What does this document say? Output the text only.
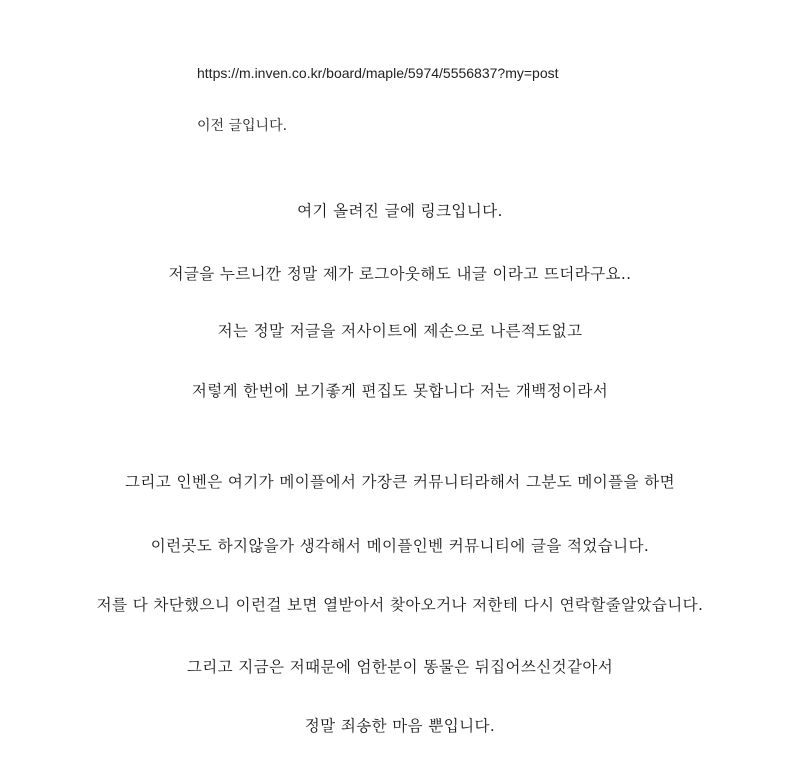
https://m.inven.co.kr/board/maple/5974/5556837?my=post
이전 글입니다.
여기 올려진 글에 링크입니다.
저글을 누르니깐 정말 제가 로그아웃해도 내글 이라고 뜨더라구요..
저는 정말 저글을 저사이트에 제손으로 나른적도없고
저렇게 한번에 보기좋게 편집도 못합니다 저는 개백정이라서
그리고 인벤은 여기가 메이플에서 가장큰 커뮤니티라해서 그분도 메이플을 하면
이런곳도 하지않을가 생각해서 메이플인벤 커뮤니티에 글을 적었습니다.
저를 다 차단했으니 이런걸 보면 열받아서 찾아오거나 저한테 다시 연락할줄알았습니다.
그리고 지금은 저때문에 엄한분이 똥물은 뒤집어쓰신것같아서
정말 죄송한 마음 뿐입니다.
